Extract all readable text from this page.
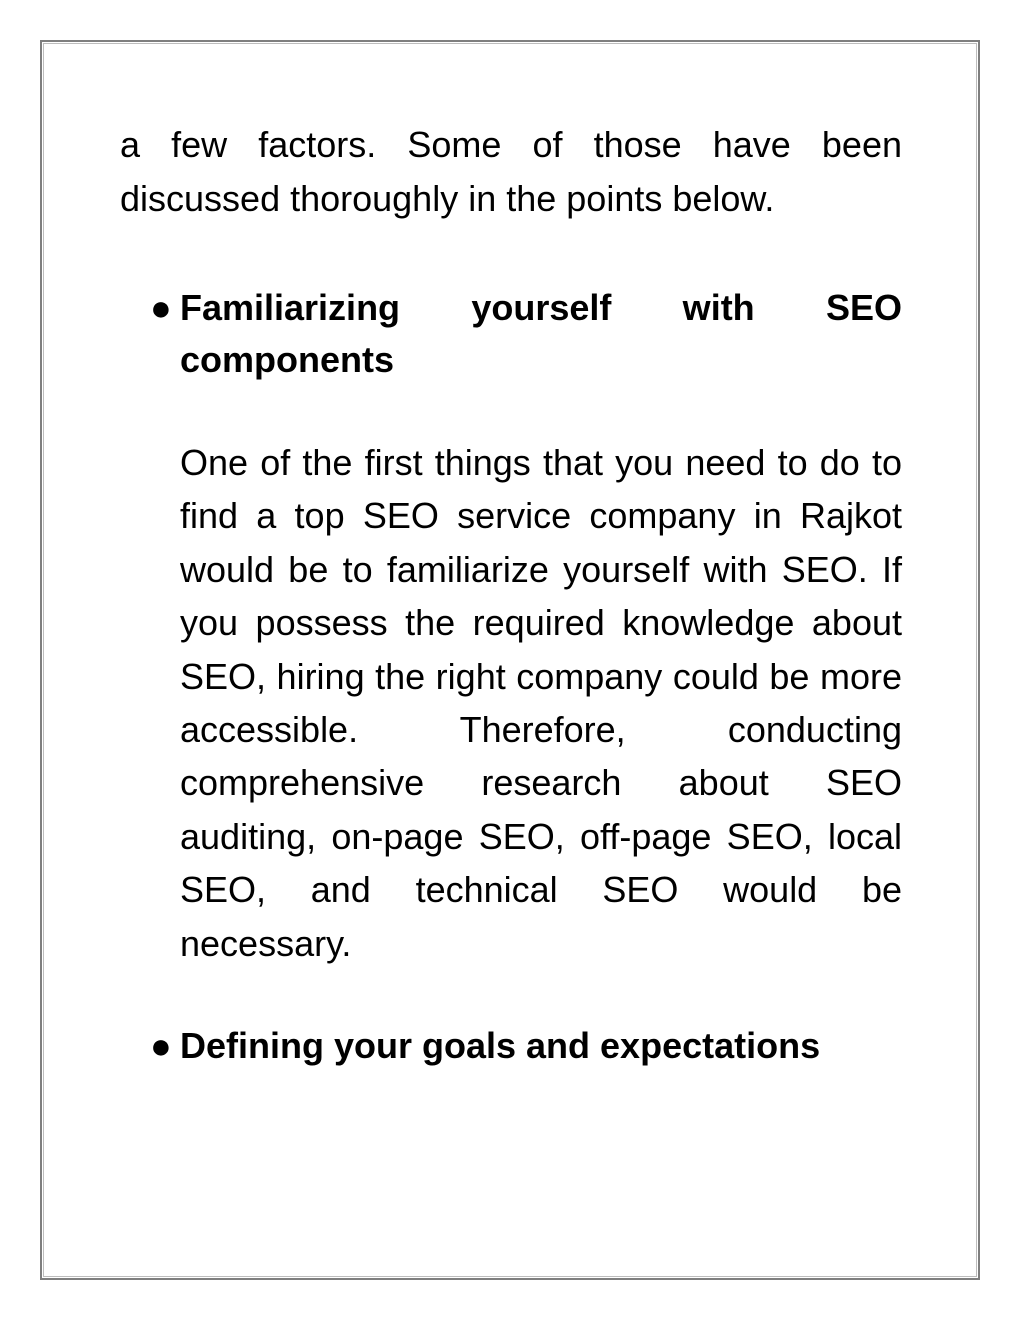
a few factors. Some of those have been discussed thoroughly in the points below.

● Familiarizing yourself with SEO components

One of the first things that you need to do to find a top SEO service company in Rajkot would be to familiarize yourself with SEO. If you possess the required knowledge about SEO, hiring the right company could be more accessible. Therefore, conducting comprehensive research about SEO auditing, on-page SEO, off-page SEO, local SEO, and technical SEO would be necessary.

● Defining your goals and expectations
